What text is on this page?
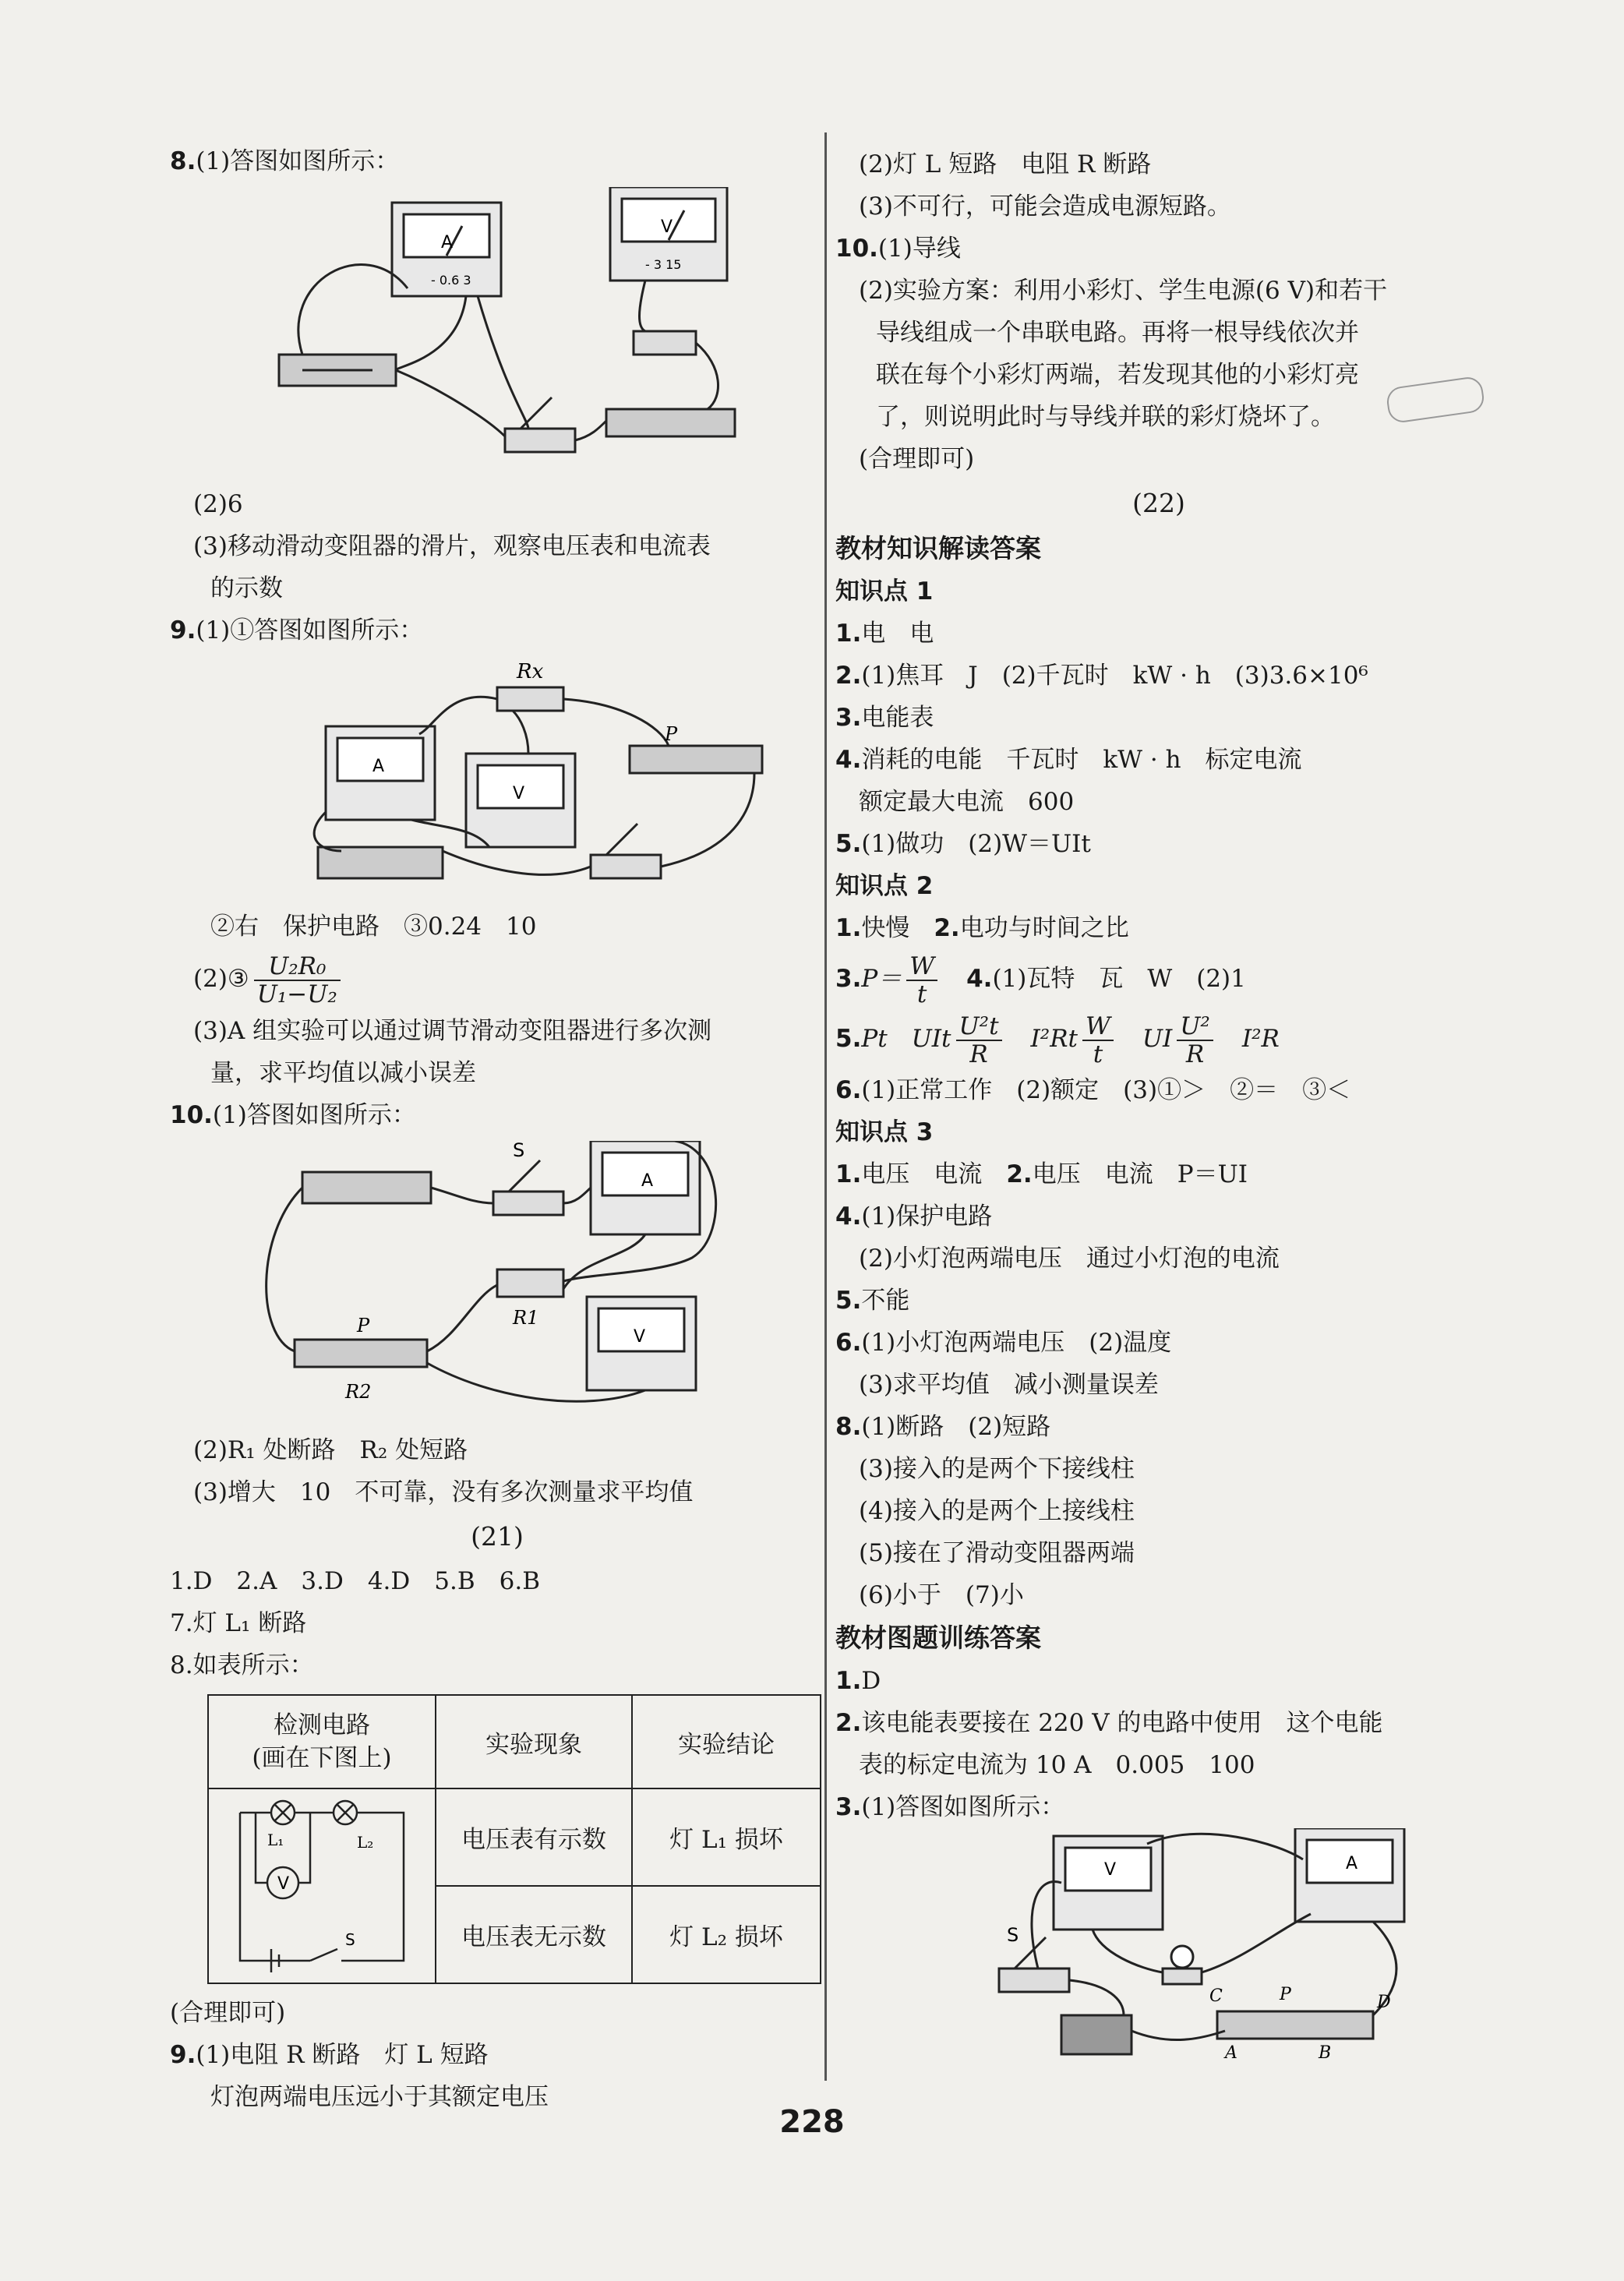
8.(1)答图如图所示：
A
V
- 0.6 3
- 3 15
(2)6
(3)移动滑动变阻器的滑片，观察电压表和电流表
的示数
9.(1)①答图如图所示：
Rx
P
A
V
②右　保护电路　③0.24　10
(2)③ $\frac{\text{U₂R₀}}{\text{U₁−U₂}}$
(3)A 组实验可以通过调节滑动变阻器进行多次测
量，求平均值以减小误差
10.(1)答图如图所示：
S
P	R1
R2
A
V
(2)R₁ 处断路　R₂ 处短路
(3)增大　10　不可靠，没有多次测量求平均值
(21)
1.D　2.A　3.D　4.D　5.B　6.B
7.灯 L₁ 断路
8.如表所示：
检测电路
(画在下图上)	实验现象	实验结论

V
L₁ L₂
S	电压表有示数	灯 L₁ 损坏
	电压表无示数	灯 L₂ 损坏
(合理即可)
9.(1)电阻 R 断路　灯 L 短路
灯泡两端电压远小于其额定电压
(2)灯 L 短路　电阻 R 断路
(3)不可行，可能会造成电源短路。
10.(1)导线
(2)实验方案：利用小彩灯、学生电源(6 V)和若干
导线组成一个串联电路。再将一根导线依次并
联在每个小彩灯两端，若发现其他的小彩灯亮
了，则说明此时与导线并联的彩灯烧坏了。
(合理即可)
(22)
教材知识解读答案
知识点 1
1.电　电
2.(1)焦耳　J　(2)千瓦时　kW · h　(3)3.6×10⁶
3.电能表
4.消耗的电能　千瓦时　kW · h　标定电流
额定最大电流　600
5.(1)做功　(2)W＝UIt
知识点 2
1.快慢　 2.电功与时间之比
$3.P= \frac{W}{t}$
　 4.(1)瓦特　瓦　W　(2)1
5.Pt　UIt $\frac{\text{U²t}}{R}$
　 $I^2Rt \frac{W}{t}$
　 UI $\frac{\text{U²}}{R}$
　 I²R
6.(1)正常工作　(2)额定　(3)①＞　②＝　③＜
知识点 3
1.电压　电流　 2.电压　电流　P＝UI
4.(1)保护电路
(2)小灯泡两端电压　通过小灯泡的电流
5.不能
6.(1)小灯泡两端电压　(2)温度
(3)求平均值　减小测量误差
8.(1)断路　(2)短路
(3)接入的是两个下接线柱
(4)接入的是两个上接线柱
(5)接在了滑动变阻器两端
(6)小于　(7)小
教材图题训练答案
1.D
2.该电能表要接在 220 V 的电路中使用　这个电能
表的标定电流为 10 A　0.005　100
3.(1)答图如图所示：
V	A
S
C	P	D
A	B
228
